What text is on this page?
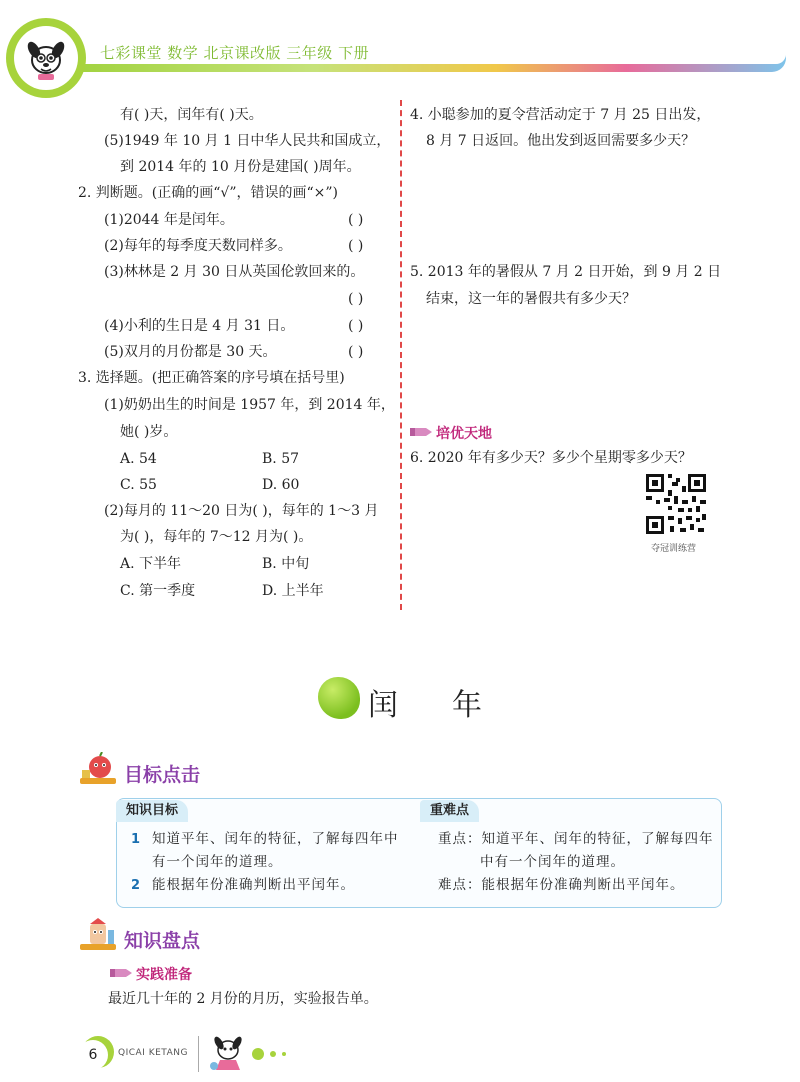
七彩课堂 数学 北京课改版 三年级 下册
有( )天，闰年有( )天。
(5)1949 年 10 月 1 日中华人民共和国成立，
到 2014 年的 10 月份是建国( )周年。
2. 判断题。(正确的画“√”，错误的画“×”)
(1)2044 年是闰年。	( )
(2)每年的每季度天数同样多。	( )
(3)林林是 2 月 30 日从英国伦敦回来的。
( )
(4)小利的生日是 4 月 31 日。	( )
(5)双月的月份都是 30 天。	( )
3. 选择题。(把正确答案的序号填在括号里)
(1)奶奶出生的时间是 1957 年，到 2014 年，
她( )岁。
A. 54	B. 57
C. 55	D. 60
(2)每月的 11～20 日为( )，每年的 1～3 月
为( )，每年的 7～12 月为( )。
A. 下半年	B. 中旬
C. 第一季度	D. 上半年
4. 小聪参加的夏令营活动定于 7 月 25 日出发，
8 月 7 日返回。他出发到返回需要多少天？
5. 2013 年的暑假从 7 月 2 日开始，到 9 月 2 日
结束，这一年的暑假共有多少天？
培优天地
6. 2020 年有多少天？多少个星期零多少天？
夺冠训练营
闰年
目标点击
知识目标	重难点
1 知道平年、闰年的特征，了解每四年中
有一个闰年的道理。
2 能根据年份准确判断出平闰年。
重点：知道平年、闰年的特征，了解每四年
中有一个闰年的道理。
难点：能根据年份准确判断出平闰年。
知识盘点
实践准备
最近几十年的 2 月份的月历，实验报告单。
6	QICAI KETANG
